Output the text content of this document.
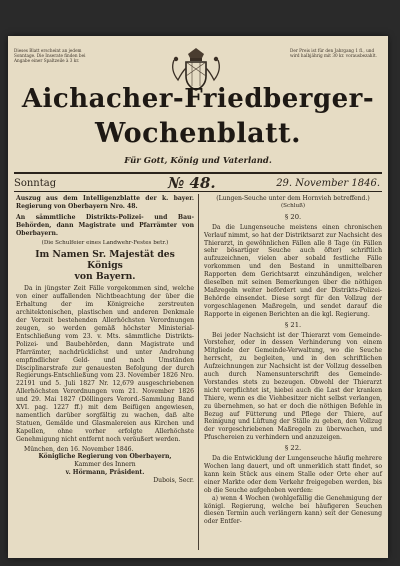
Dieses Blatt erscheint an jedem Sonntage. Die Inserate finden bei Angabe einer Spaltzeile à 3 kr.
Der Preis ist für den Jahrgang 1 fl., und wird halbjährig mit 30 kr. vorausbezahlt.
Aichacher-Friedberger-
Wochenblatt.
Für Gott, König und Vaterland.
Sonntag	№ 48.	29. November 1846.

Auszug aus dem Intelligenzblatte der k. bayer. Regierung von Oberbayern Nro. 48.

An sämmtliche Distrikts-Polizei- und Bau-Behörden, dann Magistrate und Pfarrämter von Oberbayern.

(Die Schulfeier eines Landwehr-Festes betr.)

Im Namen Sr. Majestät des Königs

von Bayern.

Da in jüngster Zeit Fälle vorgekommen sind, welche von einer auffallenden Nichtbeachtung der über die Erhaltung der im Königreiche zerstreuten architektonischen, plastischen und anderen Denkmale der Vorzeit bestehenden Allerhöchsten Verordnungen zeugen, so werden gemäß höchster Ministerial-Entschließung vom 23. v. Mts. sämmtliche Distrikts-Polizei- und Baubehörden, dann Magistrate und Pfarrämter, nachdrücklichst und unter Androhung empfindlicher Geld- und nach Umständen Disciplinarstrafe zur genauesten Befolgung der durch Regierungs-Entschließung vom 23. November 1826 Nro. 22191 und 5. Juli 1827 Nr. 12,679 ausgeschriebenen Allerhöchsten Verordnungen vom 21. November 1826 und 29. Mai 1827 (Döllingers Verord.-Sammlung Band XVI. pag. 1227 ff.) mit dem Beifügen angewiesen, namentlich darüber sorgfältig zu wachen, daß alte Statuen, Gemälde und Glasmalereien aus Kirchen und Kapellen, ohne vorher erfolgte Allerhöchste Genehmigung nicht entfernt noch veräußert werden.

München, den 16. November 1846.

Königliche Regierung von Oberbayern,

Kammer des Innern

v. Hörmann, Präsident.

Dubois, Secr.

(Lungen-Seuche unter dem Hornvieh betreffend.)

(Schluß)

§ 20.

Da die Lungenseuche meistens einen chronischen Verlauf nimmt, so hat der Distriktsarzt zur Nachsicht des Thierarzt, in gewöhnlichen Fällen alle 8 Tage (in Fällen sehr bösartiger Seuche auch öfter) schriftlich aufzuzeichnen, vielen aber sobald festliche Fälle vorkommen und den Bestand in unmittelbaren Rapporten dem Gerichtsarzt einzuhändigen, welcher dieselben mit seinen Bemerkungen über die nöthigen Maßregeln weiter befördert und der Distrikts-Polizei-Behörde einsendet. Diese sorgt für den Vollzug der vorgeschlagenen Maßregeln, und sendet darauf die Rapporte in eigenen Berichten an die kgl. Regierung.

§ 21.

Bei jeder Nachsicht ist der Thierarzt vom Gemeinde-Vorsteher, oder in dessen Verhinderung von einem Mitgliede der Gemeinde-Verwaltung, wo die Seuche herrscht, zu begleiten, und in den schriftlichen Aufzeichnungen zur Nachsicht ist der Vollzug desselben auch durch Namensunterschrift des Gemeinde-Vorstandes stets zu bezeugen. Obwohl der Thierarzt nicht verpflichtet ist, hiebei auch die Last der kranken Thiere, wenn es die Viehbesitzer nicht selbst verlangen, zu übernehmen, so hat er doch die nöthigen Befehle in Bezug auf Fütterung und Pflege der Thiere, auf Reinigung und Lüftung der Ställe zu geben, den Vollzug der vorgeschriebenen Maßregeln zu überwachen, und Pfuschereien zu verhindern und anzuzeigen.

§ 22.

Da die Entwicklung der Lungenseuche häufig mehrere Wochen lang dauert, und oft unmerklich statt findet, so kann kein Stück aus einem Stalle oder Orte eher auf einer Markte oder dem Verkehr freigegeben werden, bis ob die Seuche aufgehoben werden:

a) wenn 4 Wochen (wohlgefällig die Genehmigung der königl. Regierung, welche bei häufigeren Seuchen diesen Termin auch verlängern kann) seit der Genesung oder Entfer-
